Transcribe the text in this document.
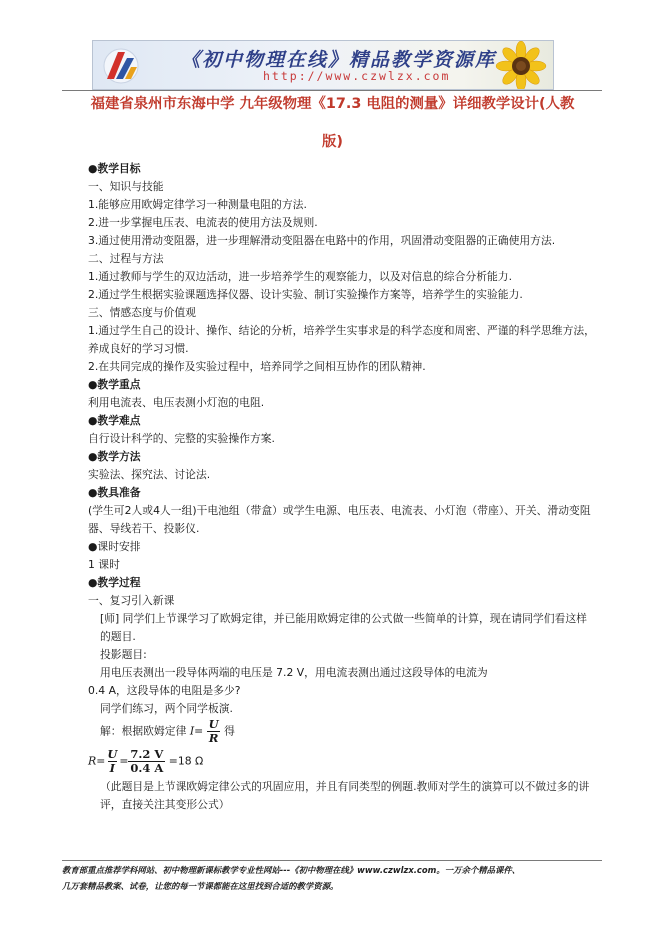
《初中物理在线》精品教学资源库
http://www.czwlzx.com
福建省泉州市东海中学 九年级物理《17.3 电阻的测量》详细教学设计(人教
版)
●教学目标
一、知识与技能
1.能够应用欧姆定律学习一种测量电阻的方法.
2.进一步掌握电压表、电流表的使用方法及规则.
3.通过使用滑动变阻器，进一步理解滑动变阻器在电路中的作用，巩固滑动变阻器的正确使用方法.
二、过程与方法
1.通过教师与学生的双边活动，进一步培养学生的观察能力，以及对信息的综合分析能力.
2.通过学生根据实验课题选择仪器、设计实验、制订实验操作方案等，培养学生的实验能力.
三、情感态度与价值观
1.通过学生自己的设计、操作、结论的分析，培养学生实事求是的科学态度和周密、严谨的科学思维方法，养成良好的学习习惯.
2.在共同完成的操作及实验过程中，培养同学之间相互协作的团队精神.
●教学重点
利用电流表、电压表测小灯泡的电阻.
●教学难点
自行设计科学的、完整的实验操作方案.
●教学方法
实验法、探究法、讨论法.
●教具准备
(学生可2人或4人一组)干电池组（带盒）或学生电源、电压表、电流表、小灯泡（带座）、开关、滑动变阻器、导线若干、投影仪.
●课时安排
1 课时
●教学过程
一、复习引入新课
[师] 同学们上节课学习了欧姆定律，并已能用欧姆定律的公式做一些简单的计算，现在请同学们看这样的题目.
投影题目:
用电压表测出一段导体两端的电压是 7.2 V，用电流表测出通过这段导体的电流为
0.4 A，这段导体的电阻是多少?
同学们练习，两个同学板演.
解：根据欧姆定律 $I= \frac{U}{R}$ 得
$R= \frac{U}{I} = \frac{7.2 V}{0.4 A} =18$ Ω
（此题目是上节课欧姆定律公式的巩固应用，并且有同类型的例题.教师对学生的演算可以不做过多的讲评，直接关注其变形公式）
教育部重点推荐学科网站、初中物理新课标教学专业性网站---《初中物理在线》www.czwlzx.com。一万余个精品课件、
几万套精品教案、试卷，让您的每一节课都能在这里找到合适的教学资源。
